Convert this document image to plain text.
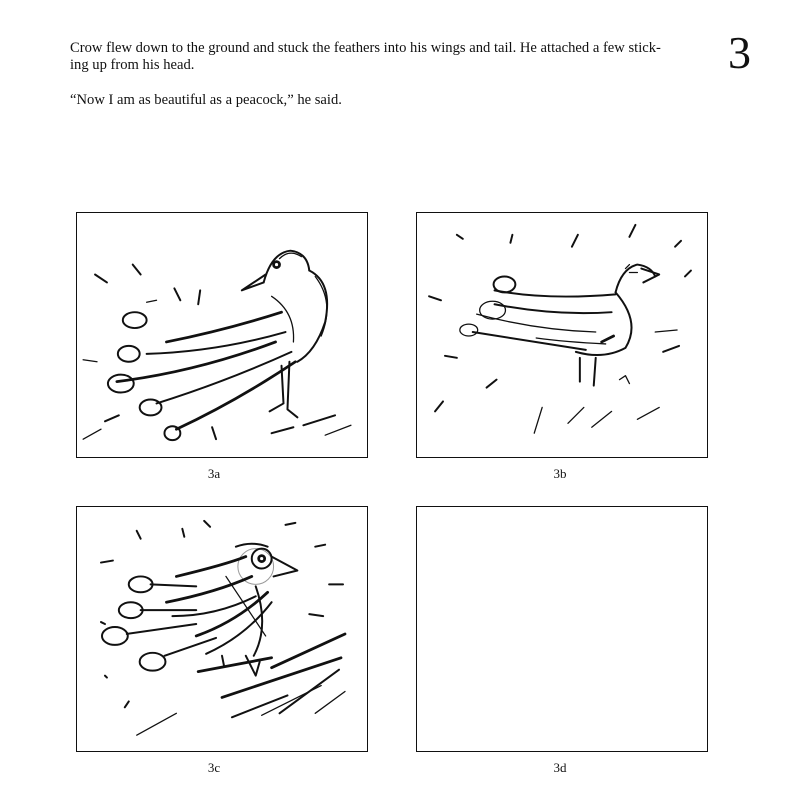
3

Crow flew down to the ground and stuck the feathers into his wings and tail. He attached a few stick-
ing up from his head.

“Now I am as beautiful as a peacock,” he said.

3a	3b
3c	3d
